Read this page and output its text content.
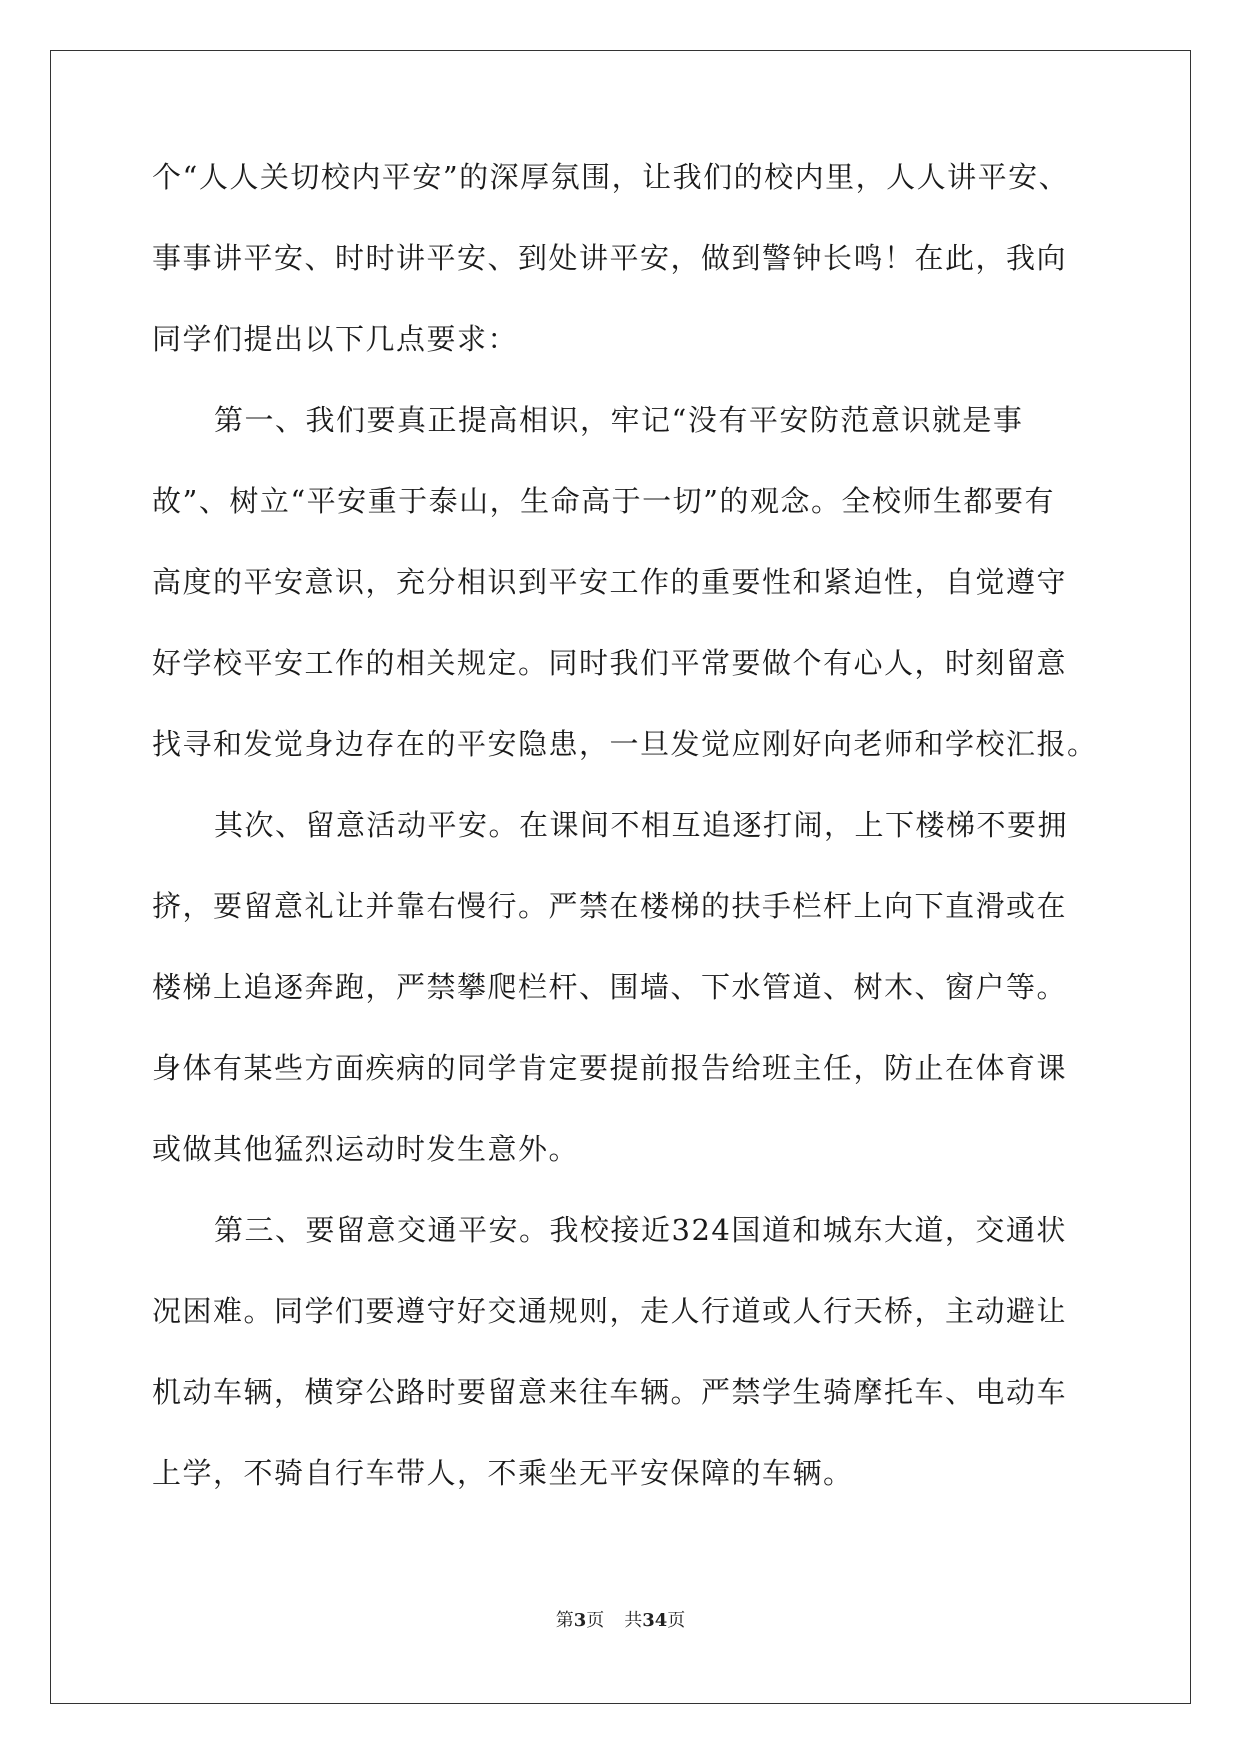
个“人人关切校内平安”的深厚氛围，让我们的校内里，人人讲平安、
事事讲平安、时时讲平安、到处讲平安，做到警钟长鸣！在此，我向
同学们提出以下几点要求：
第一、我们要真正提高相识，牢记“没有平安防范意识就是事
故”、树立“平安重于泰山，生命高于一切”的观念。全校师生都要有
高度的平安意识，充分相识到平安工作的重要性和紧迫性，自觉遵守
好学校平安工作的相关规定。同时我们平常要做个有心人，时刻留意
找寻和发觉身边存在的平安隐患，一旦发觉应刚好向老师和学校汇报。
其次、留意活动平安。在课间不相互追逐打闹，上下楼梯不要拥
挤，要留意礼让并靠右慢行。严禁在楼梯的扶手栏杆上向下直滑或在
楼梯上追逐奔跑，严禁攀爬栏杆、围墙、下水管道、树木、窗户等。
身体有某些方面疾病的同学肯定要提前报告给班主任，防止在体育课
或做其他猛烈运动时发生意外。
第三、要留意交通平安。我校接近324国道和城东大道，交通状
况困难。同学们要遵守好交通规则，走人行道或人行天桥，主动避让
机动车辆，横穿公路时要留意来往车辆。严禁学生骑摩托车、电动车
上学，不骑自行车带人，不乘坐无平安保障的车辆。
第3页 共34页
